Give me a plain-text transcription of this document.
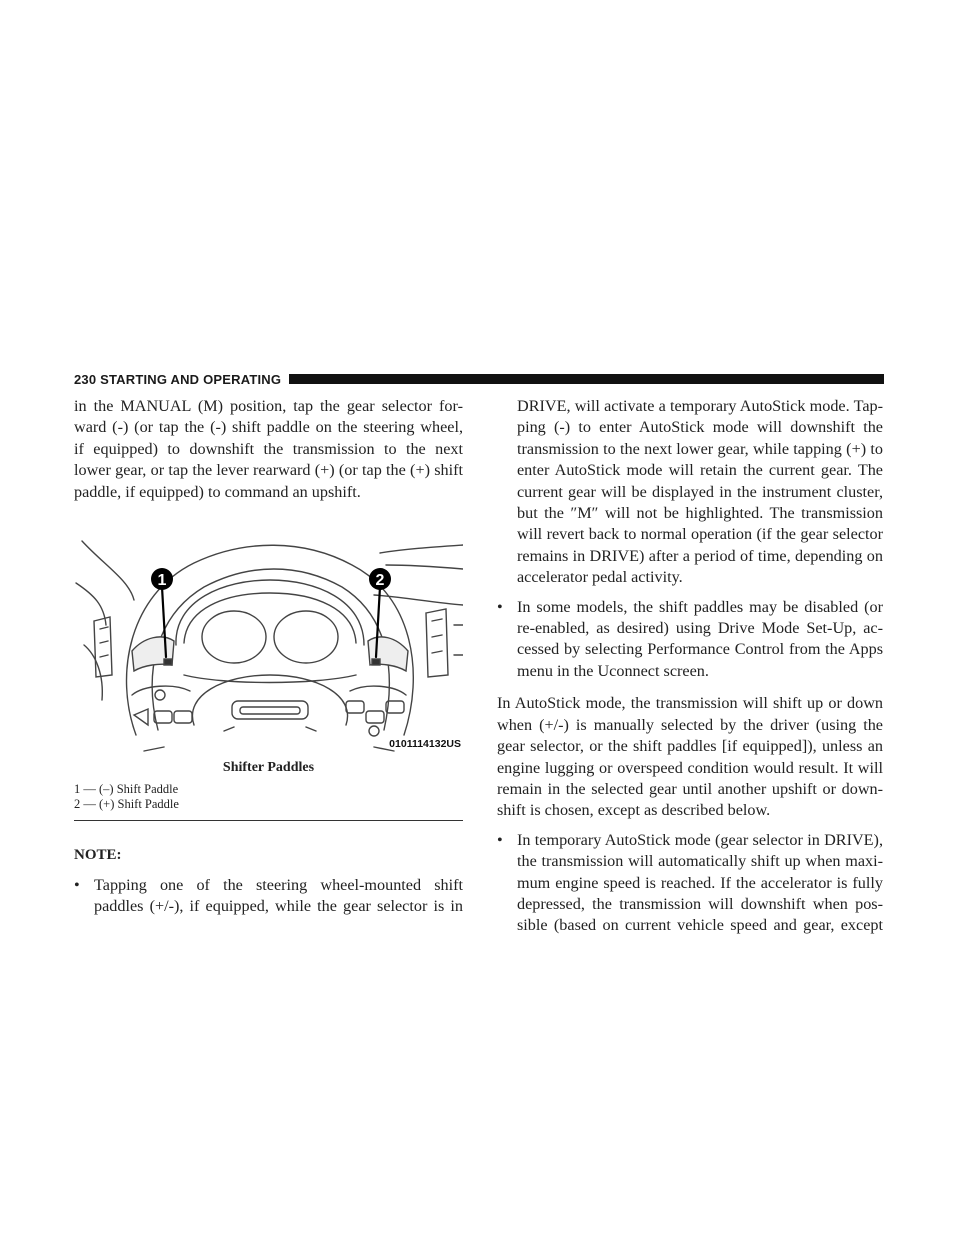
230 STARTING AND OPERATING

in the MANUAL (M) position, tap the gear selector for-
ward (-) (or tap the (-) shift paddle on the steering wheel,
if equipped) to downshift the transmission to the next
lower gear, or tap the lever rearward (+) (or tap the (+) shift
paddle, if equipped) to command an upshift.

1	2
0101114132US
Shifter Paddles
1 — (–) Shift Paddle
2 — (+) Shift Paddle
NOTE:
• Tapping one of the steering wheel-mounted shift
paddles (+/-), if equipped, while the gear selector is in
DRIVE, will activate a temporary AutoStick mode. Tap-
ping (-) to enter AutoStick mode will downshift the
transmission to the next lower gear, while tapping (+) to
enter AutoStick mode will retain the current gear. The
current gear will be displayed in the instrument cluster,
but the ″M″ will not be highlighted. The transmission
will revert back to normal operation (if the gear selector
remains in DRIVE) after a period of time, depending on
accelerator pedal activity.
• In some models, the shift paddles may be disabled (or
re-enabled, as desired) using Drive Mode Set-Up, ac-
cessed by selecting Performance Control from the Apps
menu in the Uconnect screen.

In AutoStick mode, the transmission will shift up or down
when (+/-) is manually selected by the driver (using the
gear selector, or the shift paddles [if equipped]), unless an
engine lugging or overspeed condition would result. It will
remain in the selected gear until another upshift or down-
shift is chosen, except as described below.

• In temporary AutoStick mode (gear selector in DRIVE),
the transmission will automatically shift up when maxi-
mum engine speed is reached. If the accelerator is fully
depressed, the transmission will downshift when pos-
sible (based on current vehicle speed and gear, except
